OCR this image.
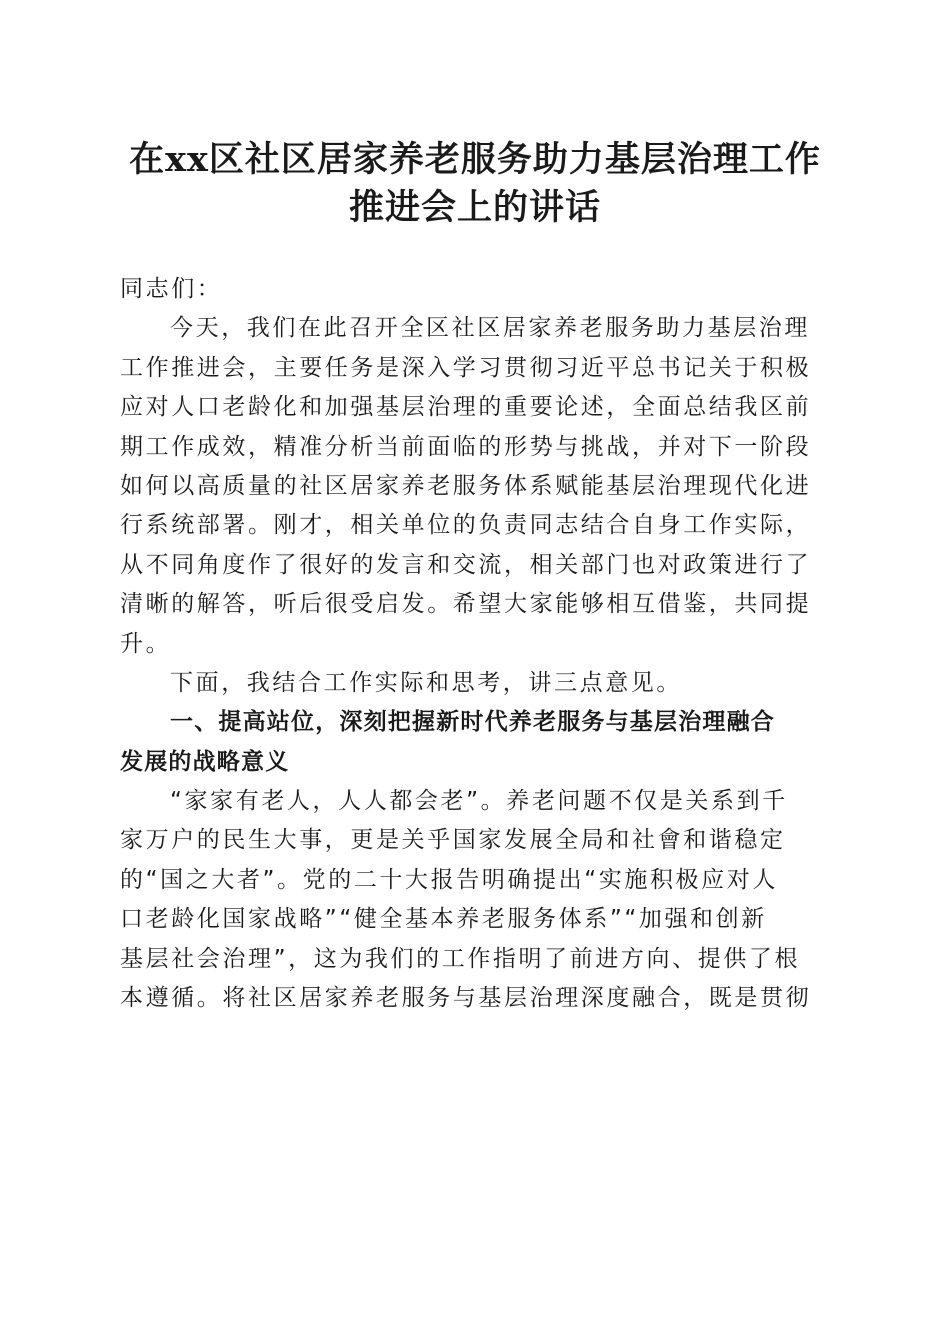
在xx区社区居家养老服务助力基层治理工作
推进会上的讲话
同志们：
今天，我们在此召开全区社区居家养老服务助力基层治理
工作推进会，主要任务是深入学习贯彻习近平总书记关于积极
应对人口老龄化和加强基层治理的重要论述，全面总结我区前
期工作成效，精准分析当前面临的形势与挑战，并对下一阶段
如何以高质量的社区居家养老服务体系赋能基层治理现代化进
行系统部署。刚才，相关单位的负责同志结合自身工作实际，
从不同角度作了很好的发言和交流，相关部门也对政策进行了
清晰的解答，听后很受启发。希望大家能够相互借鉴，共同提
升。
下面，我结合工作实际和思考，讲三点意见。
一、提高站位，深刻把握新时代养老服务与基层治理融合
发展的战略意义
“家家有老人，人人都会老”。养老问题不仅是关系到千
家万户的民生大事，更是关乎国家发展全局和社會和谐稳定
的“国之大者”。党的二十大报告明确提出“实施积极应对人
口老龄化国家战略”“健全基本养老服务体系”“加强和创新
基层社会治理”，这为我们的工作指明了前进方向、提供了根
本遵循。将社区居家养老服务与基层治理深度融合，既是贯彻
